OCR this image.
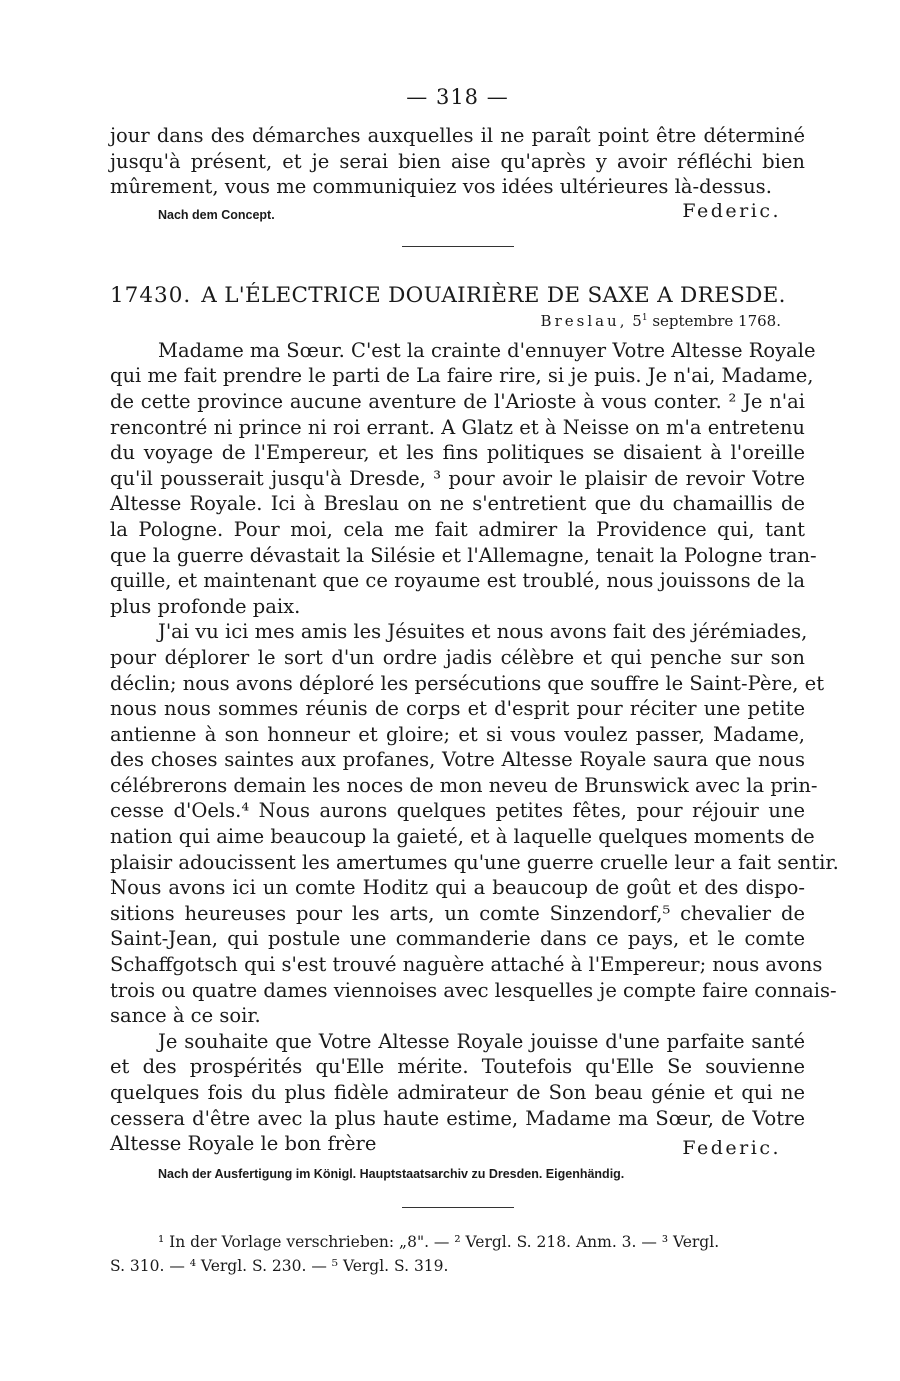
— 318 —
jour dans des démarches auxquelles il ne paraît point être déterminé
jusqu'à présent, et je serai bien aise qu'après y avoir réfléchi bien
mûrement, vous me communiquiez vos idées ultérieures là-dessus.
Nach dem Concept.	Federic.
17430. A L'ÉLECTRICE DOUAIRIÈRE DE SAXE A DRESDE.
Breslau, $5^1$ septembre 1768.
Madame ma Sœur. C'est la crainte d'ennuyer Votre Altesse Royale
qui me fait prendre le parti de La faire rire, si je puis. Je n'ai, Madame,
de cette province aucune aventure de l'Arioste à vous conter. ² Je n'ai
rencontré ni prince ni roi errant. A Glatz et à Neisse on m'a entretenu
du voyage de l'Empereur, et les fins politiques se disaient à l'oreille
qu'il pousserait jusqu'à Dresde, ³ pour avoir le plaisir de revoir Votre
Altesse Royale. Ici à Breslau on ne s'entretient que du chamaillis de
la Pologne. Pour moi, cela me fait admirer la Providence qui, tant
que la guerre dévastait la Silésie et l'Allemagne, tenait la Pologne tran-
quille, et maintenant que ce royaume est troublé, nous jouissons de la
plus profonde paix.
J'ai vu ici mes amis les Jésuites et nous avons fait des jérémiades,
pour déplorer le sort d'un ordre jadis célèbre et qui penche sur son
déclin; nous avons déploré les persécutions que souffre le Saint-Père, et
nous nous sommes réunis de corps et d'esprit pour réciter une petite
antienne à son honneur et gloire; et si vous voulez passer, Madame,
des choses saintes aux profanes, Votre Altesse Royale saura que nous
célébrerons demain les noces de mon neveu de Brunswick avec la prin-
cesse d'Oels.⁴ Nous aurons quelques petites fêtes, pour réjouir une
nation qui aime beaucoup la gaieté, et à laquelle quelques moments de
plaisir adoucissent les amertumes qu'une guerre cruelle leur a fait sentir.
Nous avons ici un comte Hoditz qui a beaucoup de goût et des dispo-
sitions heureuses pour les arts, un comte Sinzendorf,⁵ chevalier de
Saint-Jean, qui postule une commanderie dans ce pays, et le comte
Schaffgotsch qui s'est trouvé naguère attaché à l'Empereur; nous avons
trois ou quatre dames viennoises avec lesquelles je compte faire connais-
sance à ce soir.
Je souhaite que Votre Altesse Royale jouisse d'une parfaite santé
et des prospérités qu'Elle mérite. Toutefois qu'Elle Se souvienne
quelques fois du plus fidèle admirateur de Son beau génie et qui ne
cessera d'être avec la plus haute estime, Madame ma Sœur, de Votre
Altesse Royale le bon frère	Federic.
Nach der Ausfertigung im Königl. Hauptstaatsarchiv zu Dresden. Eigenhändig.
¹ In der Vorlage verschrieben: „8". — ² Vergl. S. 218. Anm. 3. — ³ Vergl.
S. 310. — ⁴ Vergl. S. 230. — ⁵ Vergl. S. 319.
